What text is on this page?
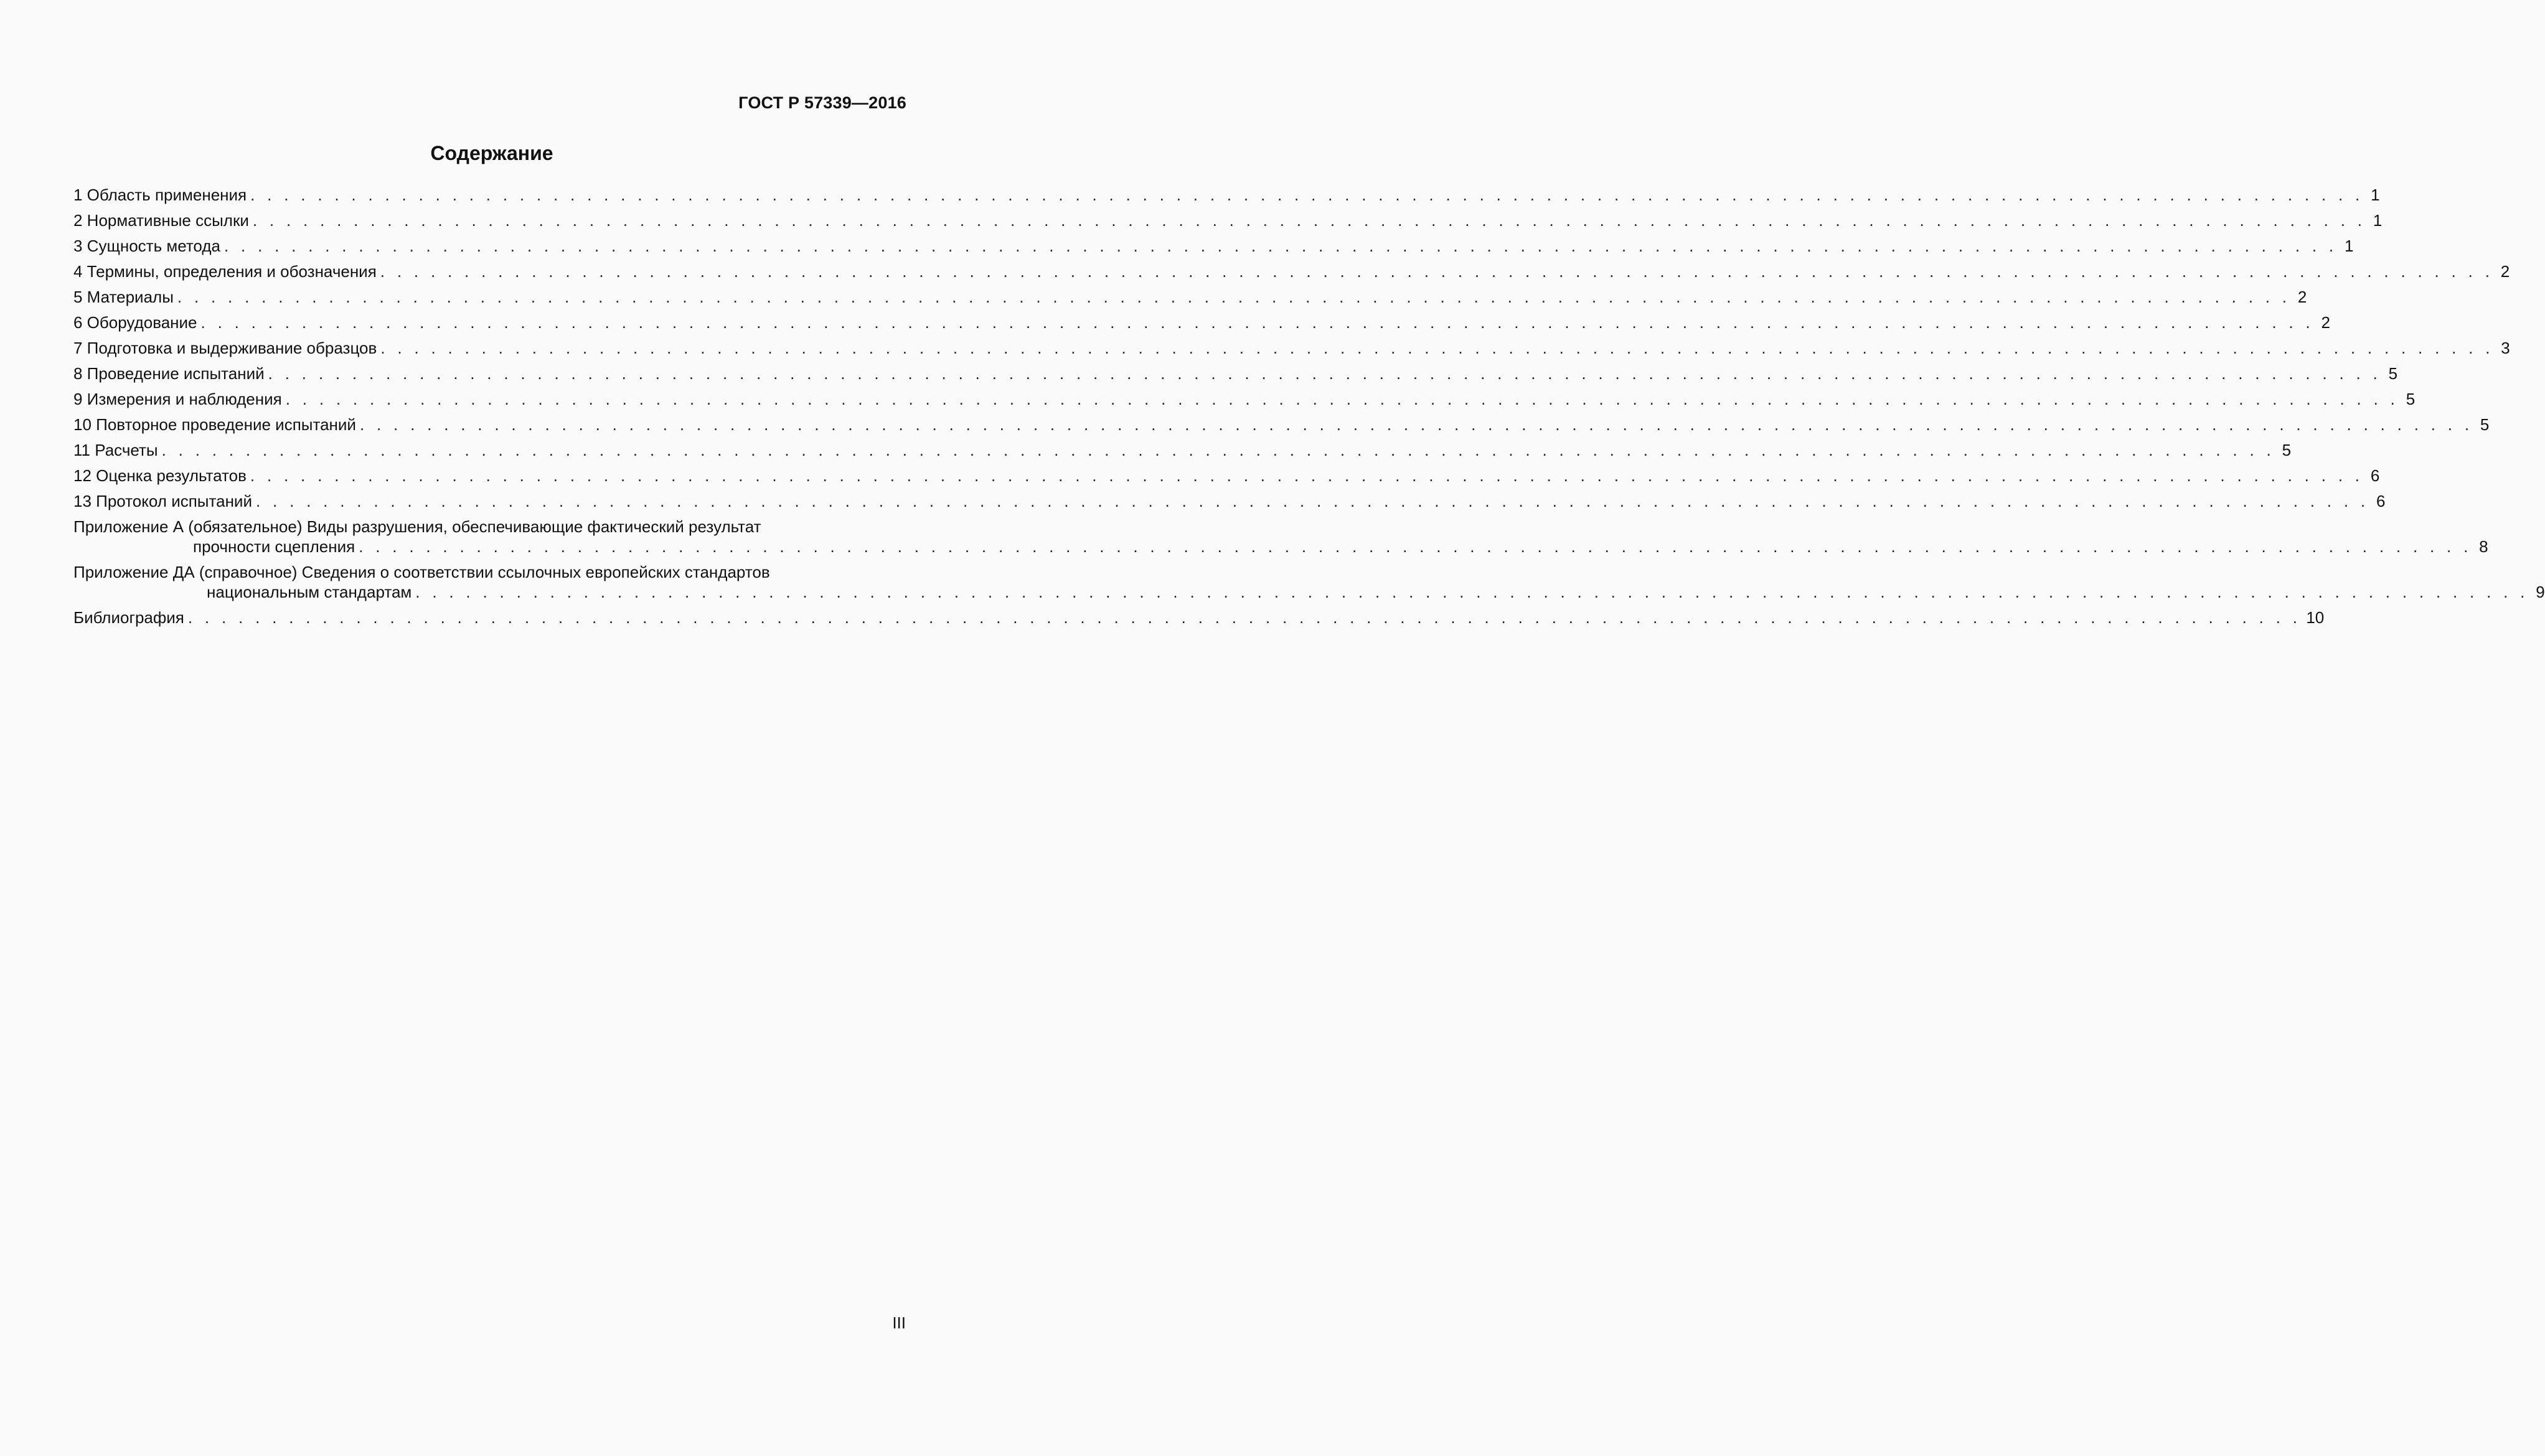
ГОСТ Р 57339—2016
Содержание
1 Область применения . . . . . . . . . . . . . . . . . . . . . . . . . . . . . . . . . . . . . . . . . . . . . . . . . . . . . . . . . . . . . . . . . . . . . . . . . . . . . . . . . . . . . . . . . . . . . . . . . . . . . . . . . . . . . . . . . . . . . . . . . . . . . . 1
2 Нормативные ссылки . . . . . . . . . . . . . . . . . . . . . . . . . . . . . . . . . . . . . . . . . . . . . . . . . . . . . . . . . . . . . . . . . . . . . . . . . . . . . . . . . . . . . . . . . . . . . . . . . . . . . . . . . . . . . . . . . . . . . . . . . . . . . . 1
3 Сущность метода . . . . . . . . . . . . . . . . . . . . . . . . . . . . . . . . . . . . . . . . . . . . . . . . . . . . . . . . . . . . . . . . . . . . . . . . . . . . . . . . . . . . . . . . . . . . . . . . . . . . . . . . . . . . . . . . . . . . . . . . . . . . . . 1
4 Термины, определения и обозначения . . . . . . . . . . . . . . . . . . . . . . . . . . . . . . . . . . . . . . . . . . . . . . . . . . . . . . . . . . . . . . . . . . . . . . . . . . . . . . . . . . . . . . . . . . . . . . . . . . . . . . . . . . . . . . . . . . . . . . . . . . . . . . 2
5 Материалы . . . . . . . . . . . . . . . . . . . . . . . . . . . . . . . . . . . . . . . . . . . . . . . . . . . . . . . . . . . . . . . . . . . . . . . . . . . . . . . . . . . . . . . . . . . . . . . . . . . . . . . . . . . . . . . . . . . . . . . . . . . . . . 2
6 Оборудование . . . . . . . . . . . . . . . . . . . . . . . . . . . . . . . . . . . . . . . . . . . . . . . . . . . . . . . . . . . . . . . . . . . . . . . . . . . . . . . . . . . . . . . . . . . . . . . . . . . . . . . . . . . . . . . . . . . . . . . . . . . . . . 2
7 Подготовка и выдерживание образцов . . . . . . . . . . . . . . . . . . . . . . . . . . . . . . . . . . . . . . . . . . . . . . . . . . . . . . . . . . . . . . . . . . . . . . . . . . . . . . . . . . . . . . . . . . . . . . . . . . . . . . . . . . . . . . . . . . . . . . . . . . . . . . 3
8 Проведение испытаний . . . . . . . . . . . . . . . . . . . . . . . . . . . . . . . . . . . . . . . . . . . . . . . . . . . . . . . . . . . . . . . . . . . . . . . . . . . . . . . . . . . . . . . . . . . . . . . . . . . . . . . . . . . . . . . . . . . . . . . . . . . . . . 5
9 Измерения и наблюдения . . . . . . . . . . . . . . . . . . . . . . . . . . . . . . . . . . . . . . . . . . . . . . . . . . . . . . . . . . . . . . . . . . . . . . . . . . . . . . . . . . . . . . . . . . . . . . . . . . . . . . . . . . . . . . . . . . . . . . . . . . . . . . 5
10 Повторное проведение испытаний . . . . . . . . . . . . . . . . . . . . . . . . . . . . . . . . . . . . . . . . . . . . . . . . . . . . . . . . . . . . . . . . . . . . . . . . . . . . . . . . . . . . . . . . . . . . . . . . . . . . . . . . . . . . . . . . . . . . . . . . . . . . . . 5
11 Расчеты . . . . . . . . . . . . . . . . . . . . . . . . . . . . . . . . . . . . . . . . . . . . . . . . . . . . . . . . . . . . . . . . . . . . . . . . . . . . . . . . . . . . . . . . . . . . . . . . . . . . . . . . . . . . . . . . . . . . . . . . . . . . . . 5
12 Оценка результатов . . . . . . . . . . . . . . . . . . . . . . . . . . . . . . . . . . . . . . . . . . . . . . . . . . . . . . . . . . . . . . . . . . . . . . . . . . . . . . . . . . . . . . . . . . . . . . . . . . . . . . . . . . . . . . . . . . . . . . . . . . . . . . 6
13 Протокол испытаний . . . . . . . . . . . . . . . . . . . . . . . . . . . . . . . . . . . . . . . . . . . . . . . . . . . . . . . . . . . . . . . . . . . . . . . . . . . . . . . . . . . . . . . . . . . . . . . . . . . . . . . . . . . . . . . . . . . . . . . . . . . . . . 6
Приложение А (обязательное) Виды разрушения, обеспечивающие фактический результат
прочности сцепления . . . . . . . . . . . . . . . . . . . . . . . . . . . . . . . . . . . . . . . . . . . . . . . . . . . . . . . . . . . . . . . . . . . . . . . . . . . . . . . . . . . . . . . . . . . . . . . . . . . . . . . . . . . . . . . . . . . . . . . . . . . . . . 8
Приложение ДА (справочное) Сведения о соответствии ссылочных европейских стандартов
национальным стандартам . . . . . . . . . . . . . . . . . . . . . . . . . . . . . . . . . . . . . . . . . . . . . . . . . . . . . . . . . . . . . . . . . . . . . . . . . . . . . . . . . . . . . . . . . . . . . . . . . . . . . . . . . . . . . . . . . . . . . . . . . . . . . . 9
Библиография . . . . . . . . . . . . . . . . . . . . . . . . . . . . . . . . . . . . . . . . . . . . . . . . . . . . . . . . . . . . . . . . . . . . . . . . . . . . . . . . . . . . . . . . . . . . . . . . . . . . . . . . . . . . . . . . . . . . . . . . . . . . . . 10
III
